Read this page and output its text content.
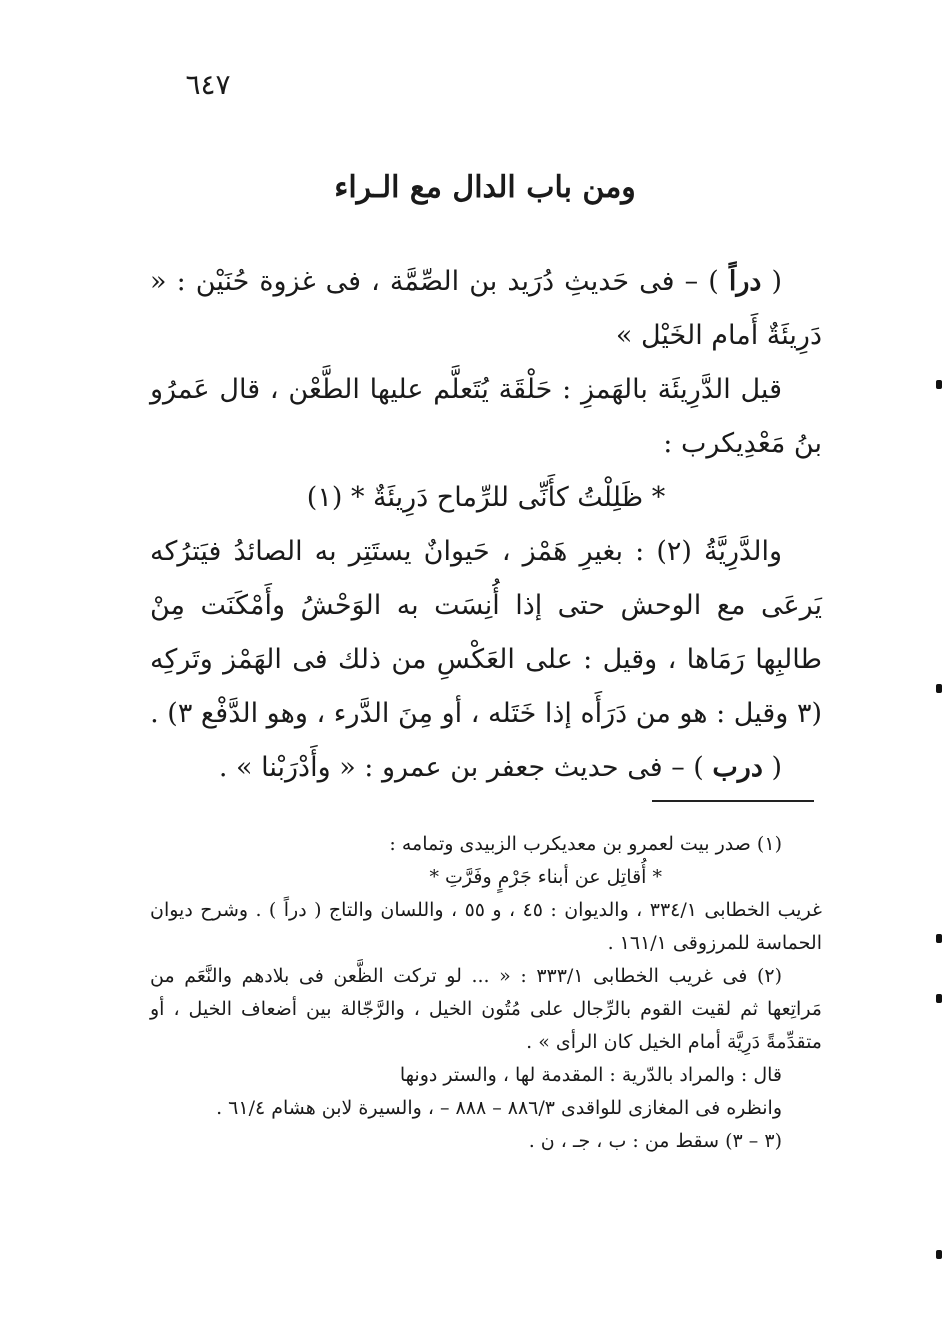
٦٤٧
ومن باب الدال مع الـراء

( دراً ) – فى حَديثِ دُرَيد بن الصِّمَّة ، فى غزوة حُنَيْن : « دَرِيئَةٌ أَمام الخَيْل »

قيل الدَّرِيئَة بالهَمزِ : حَلْقَة يُتَعلَّم عليها الطَّعْن ، قال عَمرُو بنُ مَعْدِيكرب :

* ظَلِلْتُ كأَنِّى للرِّماح دَرِيئَةٌ * (١)

والدَّرِيَّةُ (٢) : بغيرِ هَمْز ، حَيوانٌ يستَتِر به الصائدُ فيَترُكه يَرعَى مع الوحش حتى إذا أُنِسَت به الوَحْشُ وأَمْكَنَت مِنْ طالبِها رَمَاها ، وقيل : على العَكْسِ من ذلك فى الهَمْز وتَركِه (٣ وقيل : هو من دَرَأَه إذا خَتَله ، أو مِنَ الدَّرء ، وهو الدَّفْع ٣) .

( درب ) – فى حديث جعفر بن عمرو : « وأَدْرَبْنا » .

(١) صدر بيت لعمرو بن معديكرب الزبيدى وتمامه :

* أُقاتِل عن أبناء جَرْمٍ وفَرَّتِ *

غريب الخطابى ٣٣٤/١ ، والديوان : ٤٥ ، و ٥٥ ، واللسان والتاج ( دراً ) . وشرح ديوان الحماسة للمرزوقى ١٦١/١ .

(٢) فى غريب الخطابى ٣٣٣/١ : « ... لو تركت الظَّعن فى بلادهم والنَّعَم من مَراتِعها ثم لقيت القوم بالرِّجال على مُتُون الخيل ، والرَّجّالة بين أضعاف الخيل ، أو متقدِّمةً دَرِيَّة أمام الخيل كان الرأى » .

قال : والمراد بالدّرية : المقدمة لها ، والستر دونها

وانظره فى المغازى للواقدى ٨٨٦/٣ – ٨٨٨ – ، والسيرة لابن هشام ٦١/٤ .

(٣ – ٣) سقط من : ب ، جـ ، ن .
